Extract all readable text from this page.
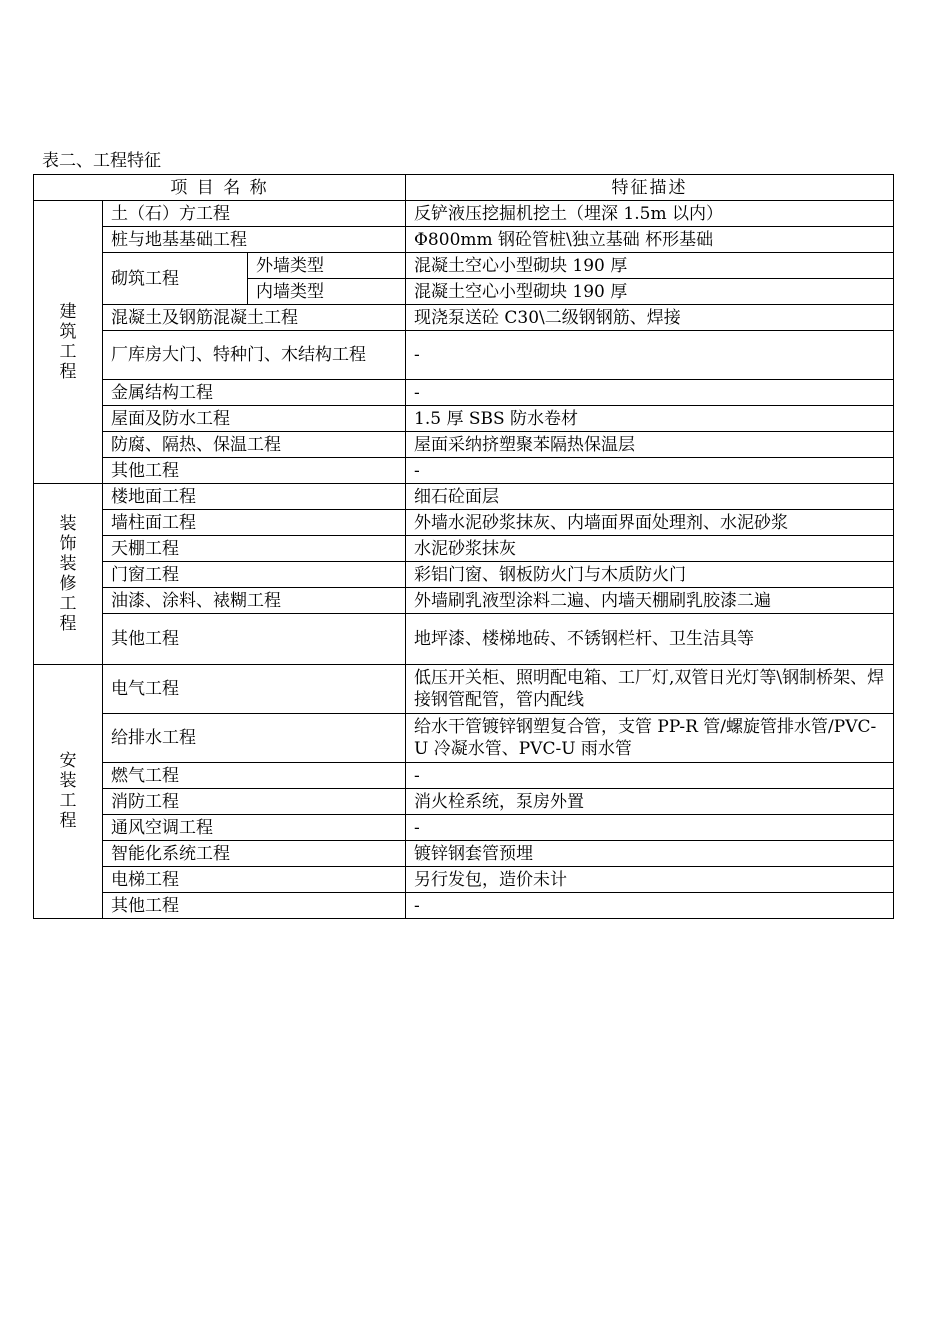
表二、工程特征
项 目 名 称			特征描述
建筑工程	土（石）方工程		反铲液压挖掘机挖土（埋深 1.5m 以内）
	桩与地基基础工程		Φ800mm 钢砼管桩\独立基础 杯形基础
	砌筑工程	外墙类型	混凝土空心小型砌块 190 厚
		内墙类型	混凝土空心小型砌块 190 厚
	混凝土及钢筋混凝土工程		现浇泵送砼 C30\二级钢钢筋、焊接
	厂库房大门、特种门、木结构工程		-
	金属结构工程		-
	屋面及防水工程		1.5 厚 SBS 防水卷材
	防腐、隔热、保温工程		屋面采纳挤塑聚苯隔热保温层
	其他工程		-
装饰装修工程	楼地面工程		细石砼面层
	墙柱面工程		外墙水泥砂浆抹灰、内墙面界面处理剂、水泥砂浆
	天棚工程		水泥砂浆抹灰
	门窗工程		彩铝门窗、钢板防火门与木质防火门
	油漆、涂料、裱糊工程		外墙刷乳液型涂料二遍、内墙天棚刷乳胶漆二遍
	其他工程		地坪漆、楼梯地砖、不锈钢栏杆、卫生洁具等
安装工程	电气工程		低压开关柜、照明配电箱、工厂灯,双管日光灯等\钢制桥架、焊接钢管配管，管内配线
	给排水工程		给水干管镀锌钢塑复合管，支管 PP-R 管/螺旋管排水管/PVC-U 冷凝水管、PVC-U 雨水管
	燃气工程		-
	消防工程		消火栓系统，泵房外置
	通风空调工程		-
	智能化系统工程		镀锌钢套管预埋
	电梯工程		另行发包，造价未计
	其他工程		-
